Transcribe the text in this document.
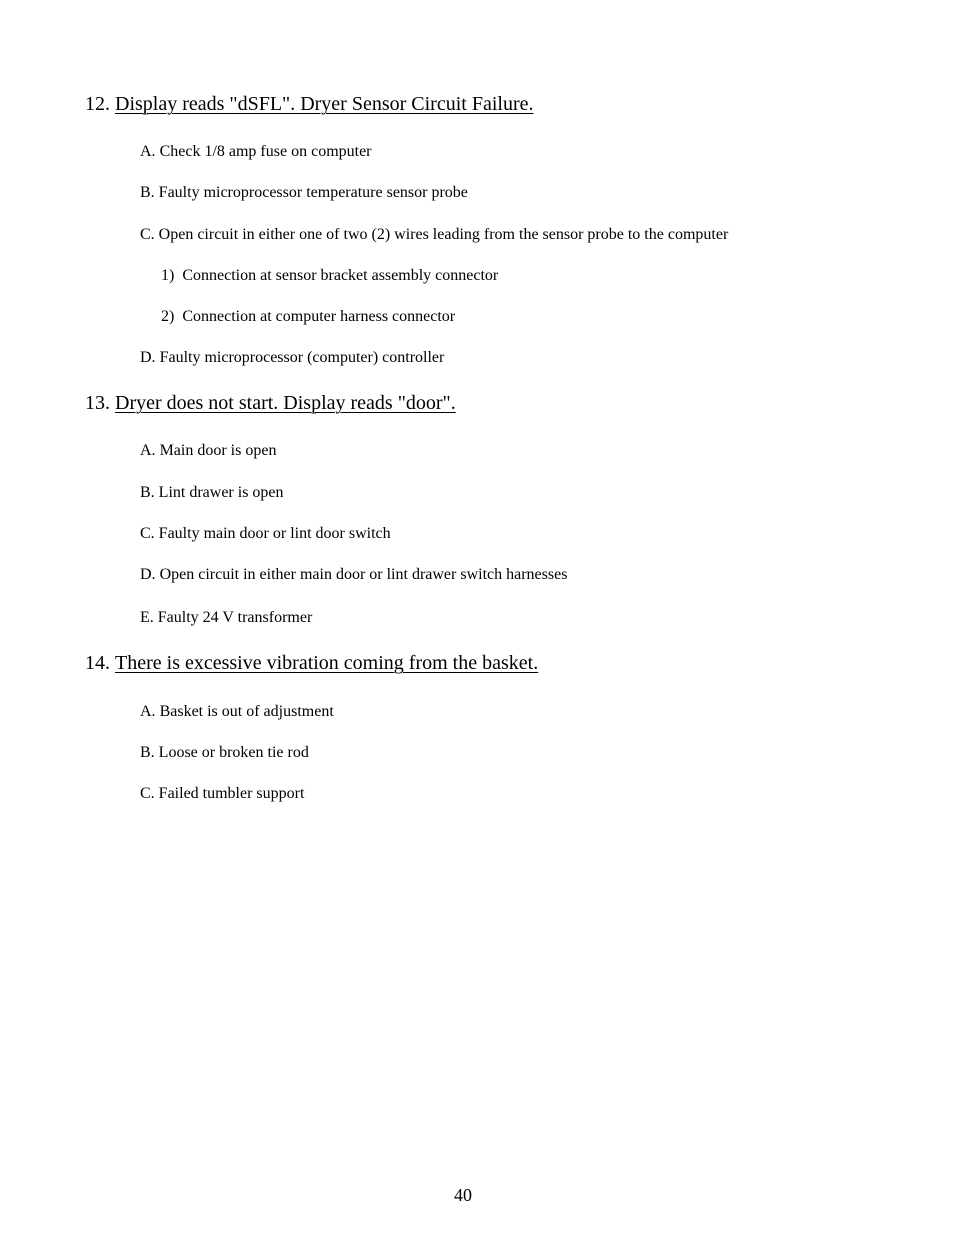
12. Display reads "dSFL". Dryer Sensor Circuit Failure.
A. Check 1/8 amp fuse on computer
B. Faulty microprocessor temperature sensor probe
C. Open circuit in either one of two (2) wires leading from the sensor probe to the computer
1) Connection at sensor bracket assembly connector
2) Connection at computer harness connector
D. Faulty microprocessor (computer) controller
13. Dryer does not start. Display reads "door".
A. Main door is open
B. Lint drawer is open
C. Faulty main door or lint door switch
D. Open circuit in either main door or lint drawer switch harnesses
E. Faulty 24 V transformer
14. There is excessive vibration coming from the basket.
A. Basket is out of adjustment
B. Loose or broken tie rod
C. Failed tumbler support
40
